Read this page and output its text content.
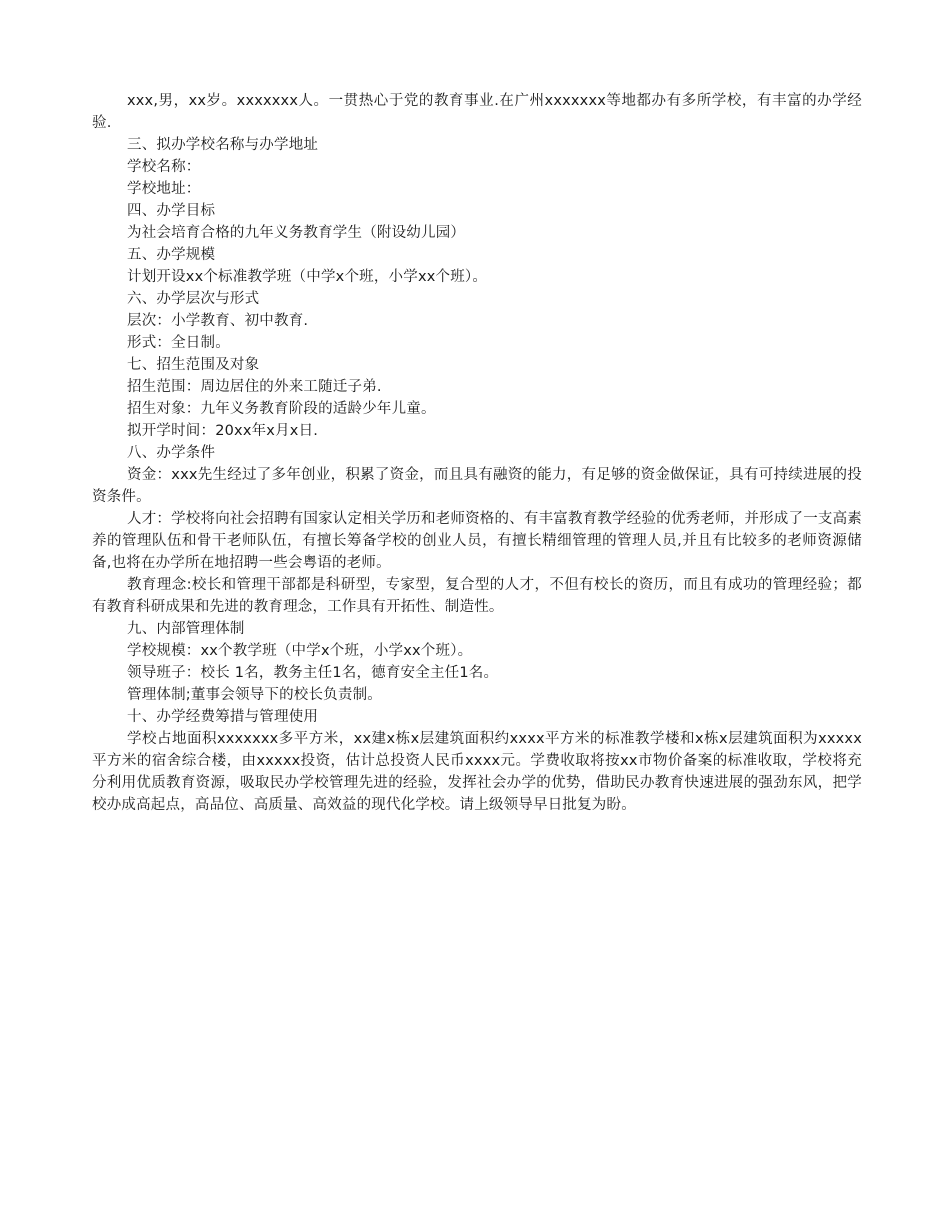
xxx,男，xx岁。xxxxxxx人。一贯热心于党的教育事业.在广州xxxxxxx等地都办有多所学校，有丰富的办学经验.

三、拟办学校名称与办学地址

学校名称：

学校地址：

四、办学目标

为社会培育合格的九年义务教育学生（附设幼儿园）

五、办学规模

计划开设xx个标准教学班（中学x个班，小学xx个班）。

六、办学层次与形式

层次：小学教育、初中教育.

形式：全日制。

七、招生范围及对象

招生范围：周边居住的外来工随迁子弟.

招生对象：九年义务教育阶段的适龄少年儿童。

拟开学时间：20xx年x月x日.

八、办学条件

资金：xxx先生经过了多年创业，积累了资金，而且具有融资的能力，有足够的资金做保证，具有可持续进展的投资条件。

人才：学校将向社会招聘有国家认定相关学历和老师资格的、有丰富教育教学经验的优秀老师，并形成了一支高素养的管理队伍和骨干老师队伍，有擅长筹备学校的创业人员，有擅长精细管理的管理人员,并且有比较多的老师资源储备,也将在办学所在地招聘一些会粤语的老师。

教育理念:校长和管理干部都是科研型，专家型，复合型的人才，不但有校长的资历，而且有成功的管理经验；都有教育科研成果和先进的教育理念，工作具有开拓性、制造性。

九、内部管理体制

学校规模：xx个教学班（中学x个班，小学xx个班）。

领导班子：校长 1名，教务主任1名，德育安全主任1名。

管理体制;董事会领导下的校长负责制。

十、办学经费筹措与管理使用

学校占地面积xxxxxxx多平方米，xx建x栋x层建筑面积约xxxx平方米的标准教学楼和x栋x层建筑面积为xxxxx平方米的宿舍综合楼，由xxxxx投资，估计总投资人民币xxxx元。学费收取将按xx市物价备案的标准收取，学校将充分利用优质教育资源，吸取民办学校管理先进的经验，发挥社会办学的优势，借助民办教育快速进展的强劲东风，把学校办成高起点，高品位、高质量、高效益的现代化学校。请上级领导早日批复为盼。
